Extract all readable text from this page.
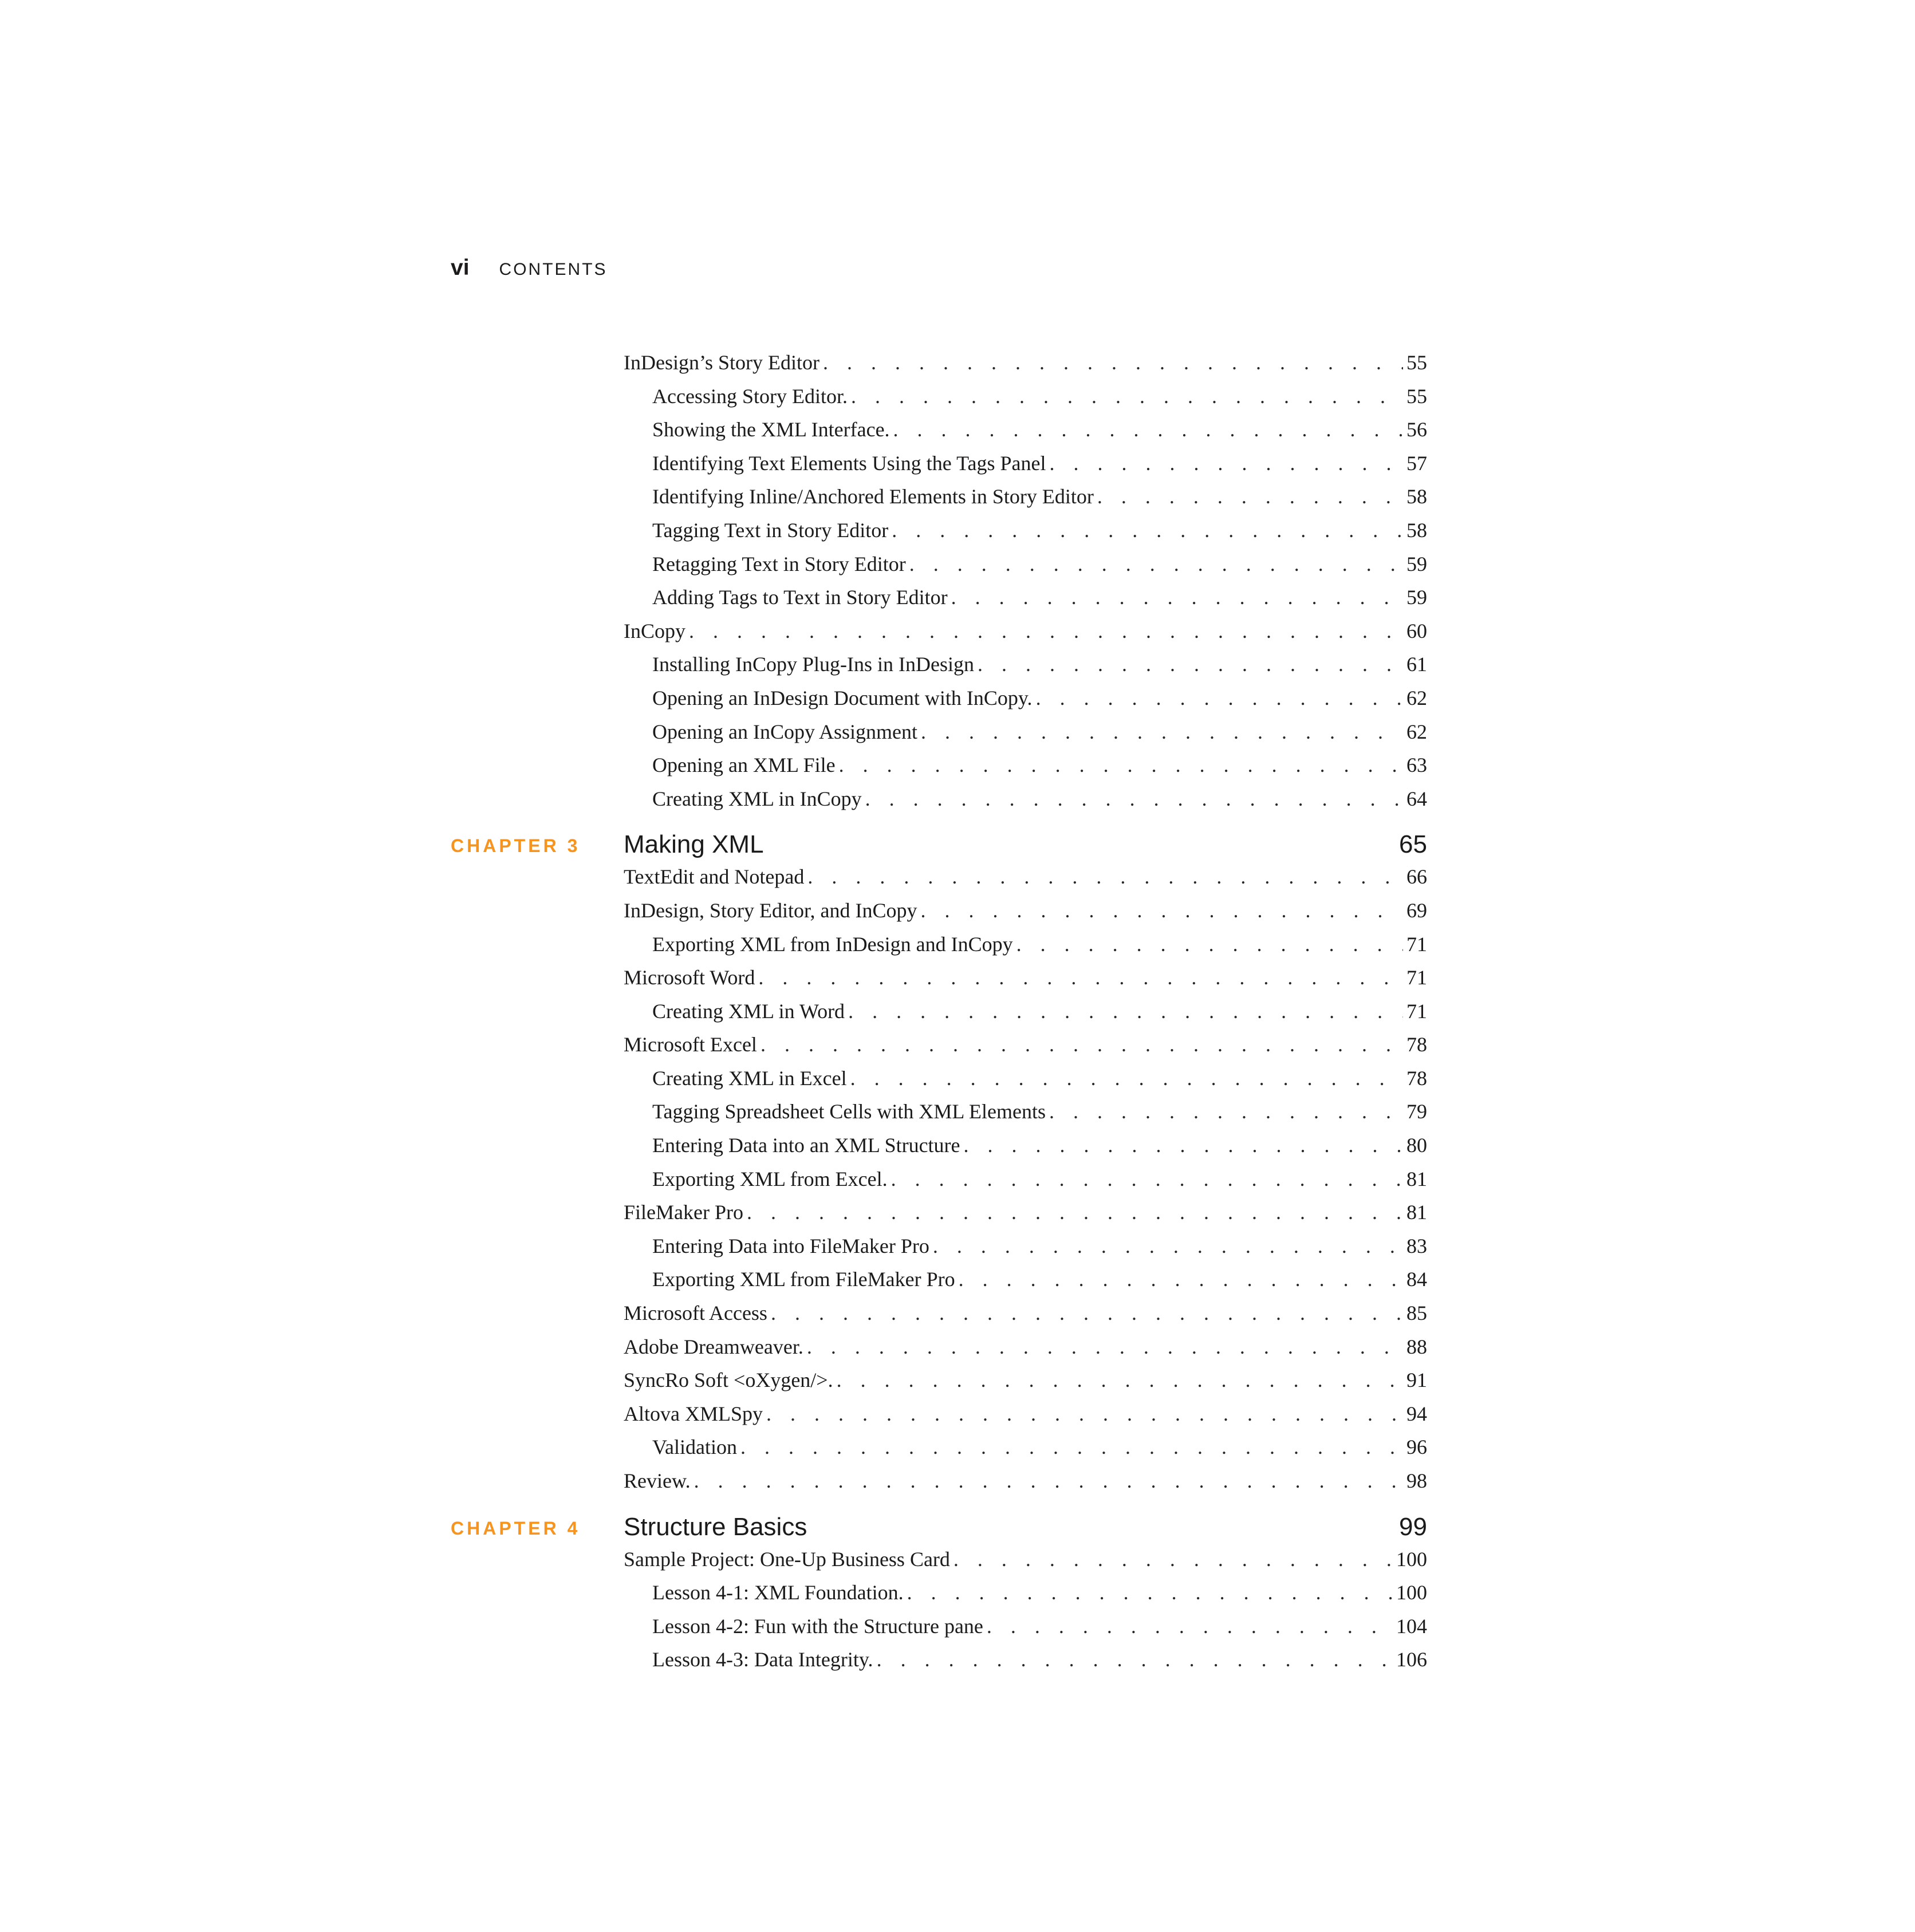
vi CONTENTS
InDesign’s Story Editor . . .	55
Accessing Story Editor. . . .	55
Showing the XML Interface. . . .	56
Identifying Text Elements Using the Tags Panel . . .	57
Identifying Inline/Anchored Elements in Story Editor . . .	58
Tagging Text in Story Editor . . .	58
Retagging Text in Story Editor . . .	59
Adding Tags to Text in Story Editor . . .	59
InCopy . . .	60
Installing InCopy Plug-Ins in InDesign . . .	61
Opening an InDesign Document with InCopy. . . .	62
Opening an InCopy Assignment . . .	62
Opening an XML File . . .	63
Creating XML in InCopy . . .	64
CHAPTER 3	Making XML	65
TextEdit and Notepad . . .	66
InDesign, Story Editor, and InCopy . . .	69
Exporting XML from InDesign and InCopy . . .	71
Microsoft Word . . .	71
Creating XML in Word . . .	71
Microsoft Excel . . .	78
Creating XML in Excel . . .	78
Tagging Spreadsheet Cells with XML Elements . . .	79
Entering Data into an XML Structure . . .	80
Exporting XML from Excel. . . .	81
FileMaker Pro . . .	81
Entering Data into FileMaker Pro . . .	83
Exporting XML from FileMaker Pro . . .	84
Microsoft Access . . .	85
Adobe Dreamweaver. . . .	88
SyncRo Soft <oXygen/>. . . .	91
Altova XMLSpy . . .	94
Validation . . .	96
Review. . . .	98
CHAPTER 4	Structure Basics	99
Sample Project: One-Up Business Card . . .	100
Lesson 4-1: XML Foundation. . . .	100
Lesson 4-2: Fun with the Structure pane . . .	104
Lesson 4-3: Data Integrity. . . .	106
